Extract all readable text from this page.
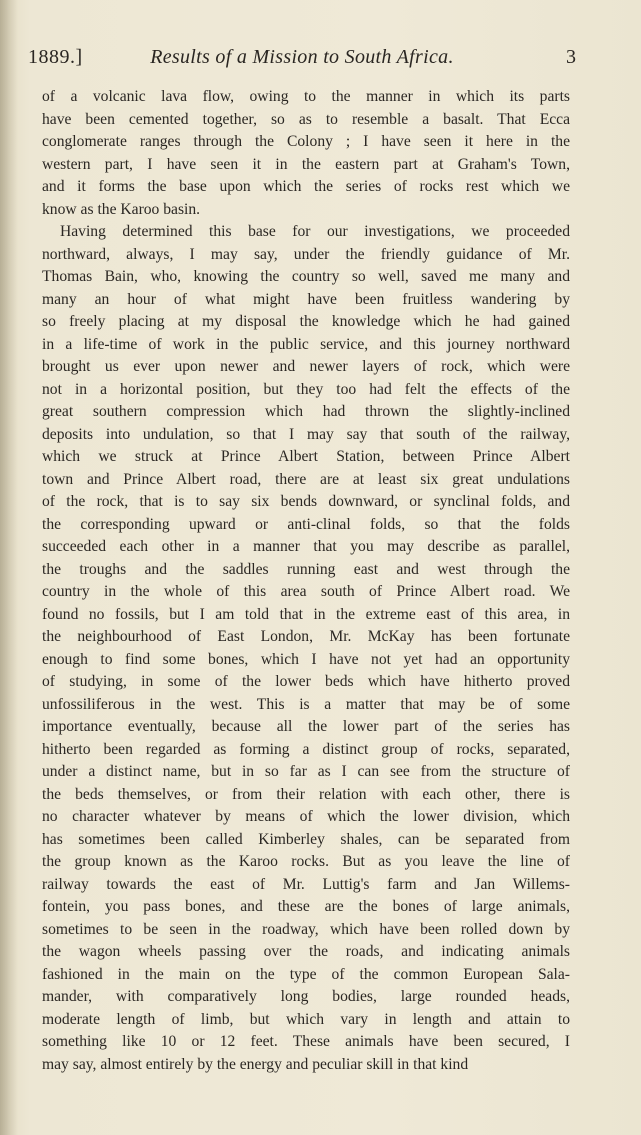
1889.]	Results of a Mission to South Africa.	3
of a volcanic lava flow, owing to the manner in which its parts
have been cemented together, so as to resemble a basalt. That Ecca
conglomerate ranges through the Colony ; I have seen it here in the
western part, I have seen it in the eastern part at Graham's Town,
and it forms the base upon which the series of rocks rest which we
know as the Karoo basin.
Having determined this base for our investigations, we proceeded
northward, always, I may say, under the friendly guidance of Mr.
Thomas Bain, who, knowing the country so well, saved me many and
many an hour of what might have been fruitless wandering by
so freely placing at my disposal the knowledge which he had gained
in a life-time of work in the public service, and this journey northward
brought us ever upon newer and newer layers of rock, which were
not in a horizontal position, but they too had felt the effects of the
great southern compression which had thrown the slightly-inclined
deposits into undulation, so that I may say that south of the railway,
which we struck at Prince Albert Station, between Prince Albert
town and Prince Albert road, there are at least six great undulations
of the rock, that is to say six bends downward, or synclinal folds, and
the corresponding upward or anti-clinal folds, so that the folds
succeeded each other in a manner that you may describe as parallel,
the troughs and the saddles running east and west through the
country in the whole of this area south of Prince Albert road. We
found no fossils, but I am told that in the extreme east of this area, in
the neighbourhood of East London, Mr. McKay has been fortunate
enough to find some bones, which I have not yet had an opportunity
of studying, in some of the lower beds which have hitherto proved
unfossiliferous in the west. This is a matter that may be of some
importance eventually, because all the lower part of the series has
hitherto been regarded as forming a distinct group of rocks, separated,
under a distinct name, but in so far as I can see from the structure of
the beds themselves, or from their relation with each other, there is
no character whatever by means of which the lower division, which
has sometimes been called Kimberley shales, can be separated from
the group known as the Karoo rocks. But as you leave the line of
railway towards the east of Mr. Luttig's farm and Jan Willems-
fontein, you pass bones, and these are the bones of large animals,
sometimes to be seen in the roadway, which have been rolled down by
the wagon wheels passing over the roads, and indicating animals
fashioned in the main on the type of the common European Sala-
mander, with comparatively long bodies, large rounded heads,
moderate length of limb, but which vary in length and attain to
something like 10 or 12 feet. These animals have been secured, I
may say, almost entirely by the energy and peculiar skill in that kind
